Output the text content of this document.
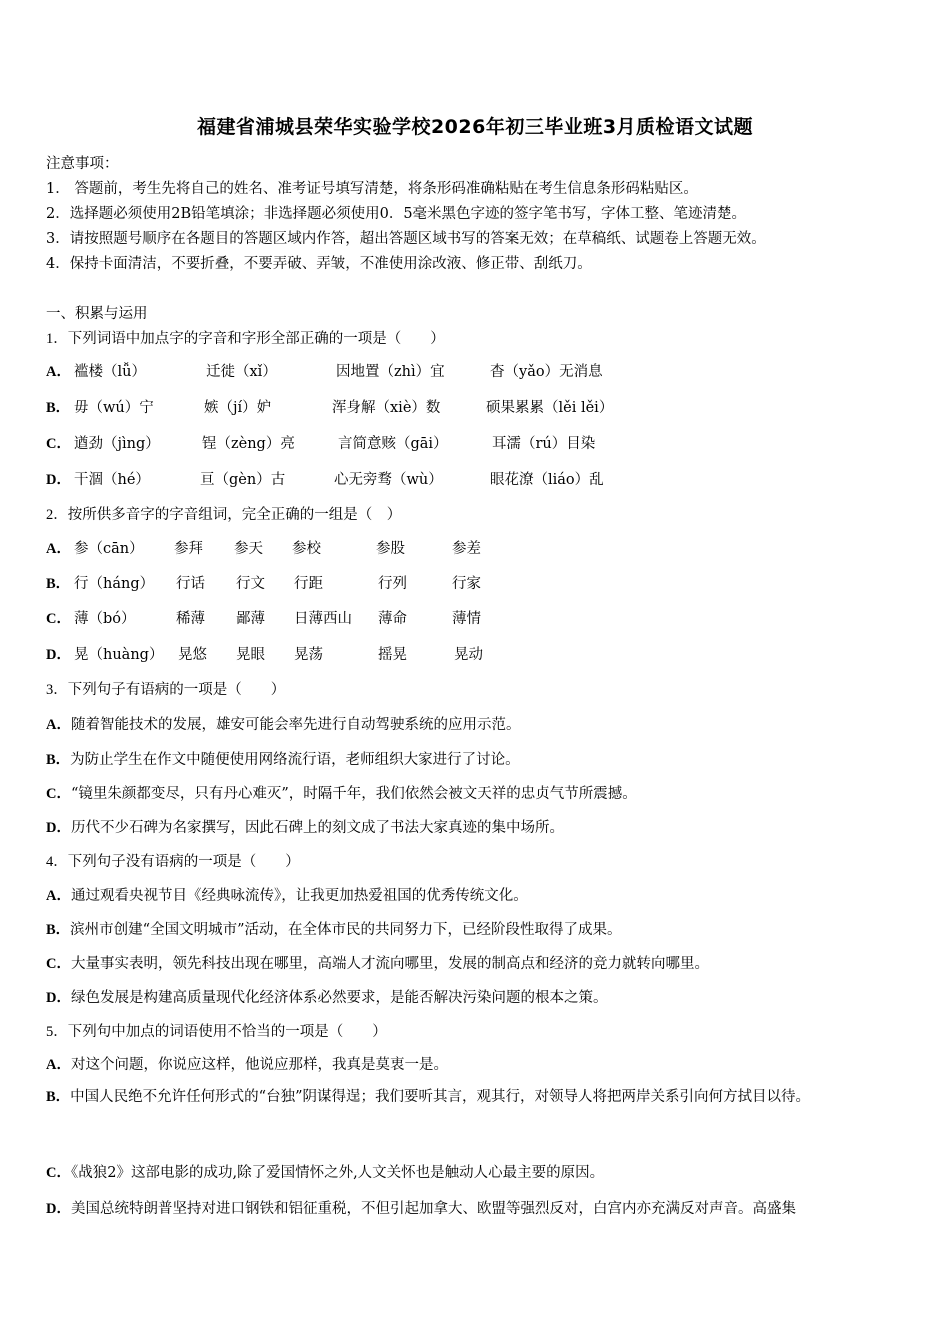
福建省浦城县荣华实验学校2026年初三毕业班3月质检语文试题
注意事项：
1． 答题前，考生先将自己的姓名、准考证号填写清楚，将条形码准确粘贴在考生信息条形码粘贴区。
2．选择题必须使用2B铅笔填涂；非选择题必须使用0．5毫米黑色字迹的签字笔书写，字体工整、笔迹清楚。
3．请按照题号顺序在各题目的答题区域内作答，超出答题区域书写的答案无效；在草稿纸、试题卷上答题无效。
4．保持卡面清洁，不要折叠，不要弄破、弄皱，不准使用涂改液、修正带、刮纸刀。
一、积累与运用
1．下列词语中加点字的字音和字形全部正确的一项是（　　）
A． 褴楼（lǚ）	迁徙（xǐ）	因地置（zhì）宜	杳（yǎo）无消息
B． 毋（wú）宁	嫉（jí）妒	浑身解（xiè）数	硕果累累（lěi lěi）
C． 遒劲（jìng）	锃（zèng）亮	言简意赅（gāi）	耳濡（rú）目染
D． 干涸（hé）	亘（gèn）古	心无旁骛（wù）	眼花潦（liáo）乱
2．按所供多音字的字音组词，完全正确的一组是（　）
A． 参（cān） 参拜 参天 参校	参股	参差
B． 行（háng） 行话 行文 行距	行列	行家
C． 薄（bó）	稀薄 鄙薄 日薄西山 薄命	薄情
D． 晃（huàng） 晃悠 晃眼 晃荡	摇晃	晃动
3．下列句子有语病的一项是（　　）
A．随着智能技术的发展，雄安可能会率先进行自动驾驶系统的应用示范。
B．为防止学生在作文中随便使用网络流行语，老师组织大家进行了讨论。
C．“镜里朱颜都变尽，只有丹心难灭”，时隔千年，我们依然会被文天祥的忠贞气节所震撼。
D．历代不少石碑为名家撰写，因此石碑上的刻文成了书法大家真迹的集中场所。
4．下列句子没有语病的一项是（　　）
A．通过观看央视节目《经典咏流传》，让我更加热爱祖国的优秀传统文化。
B．滨州市创建“全国文明城市”活动，在全体市民的共同努力下，已经阶段性取得了成果。
C．大量事实表明，领先科技出现在哪里，高端人才流向哪里，发展的制高点和经济的竞力就转向哪里。
D．绿色发展是构建高质量现代化经济体系必然要求，是能否解决污染问题的根本之策。
5．下列句中加点的词语使用不恰当的一项是（　　）
A．对这个问题，你说应这样，他说应那样，我真是莫衷一是。
B．中国人民绝不允许任何形式的“台独”阴谋得逞；我们要听其言，观其行，对领导人将把两岸关系引向何方拭目以待。
C．《战狼2》这部电影的成功,除了爱国情怀之外,人文关怀也是触动人心最主要的原因。
D．美国总统特朗普坚持对进口钢铁和铝征重税，不但引起加拿大、欧盟等强烈反对，白宫内亦充满反对声音。高盛集
